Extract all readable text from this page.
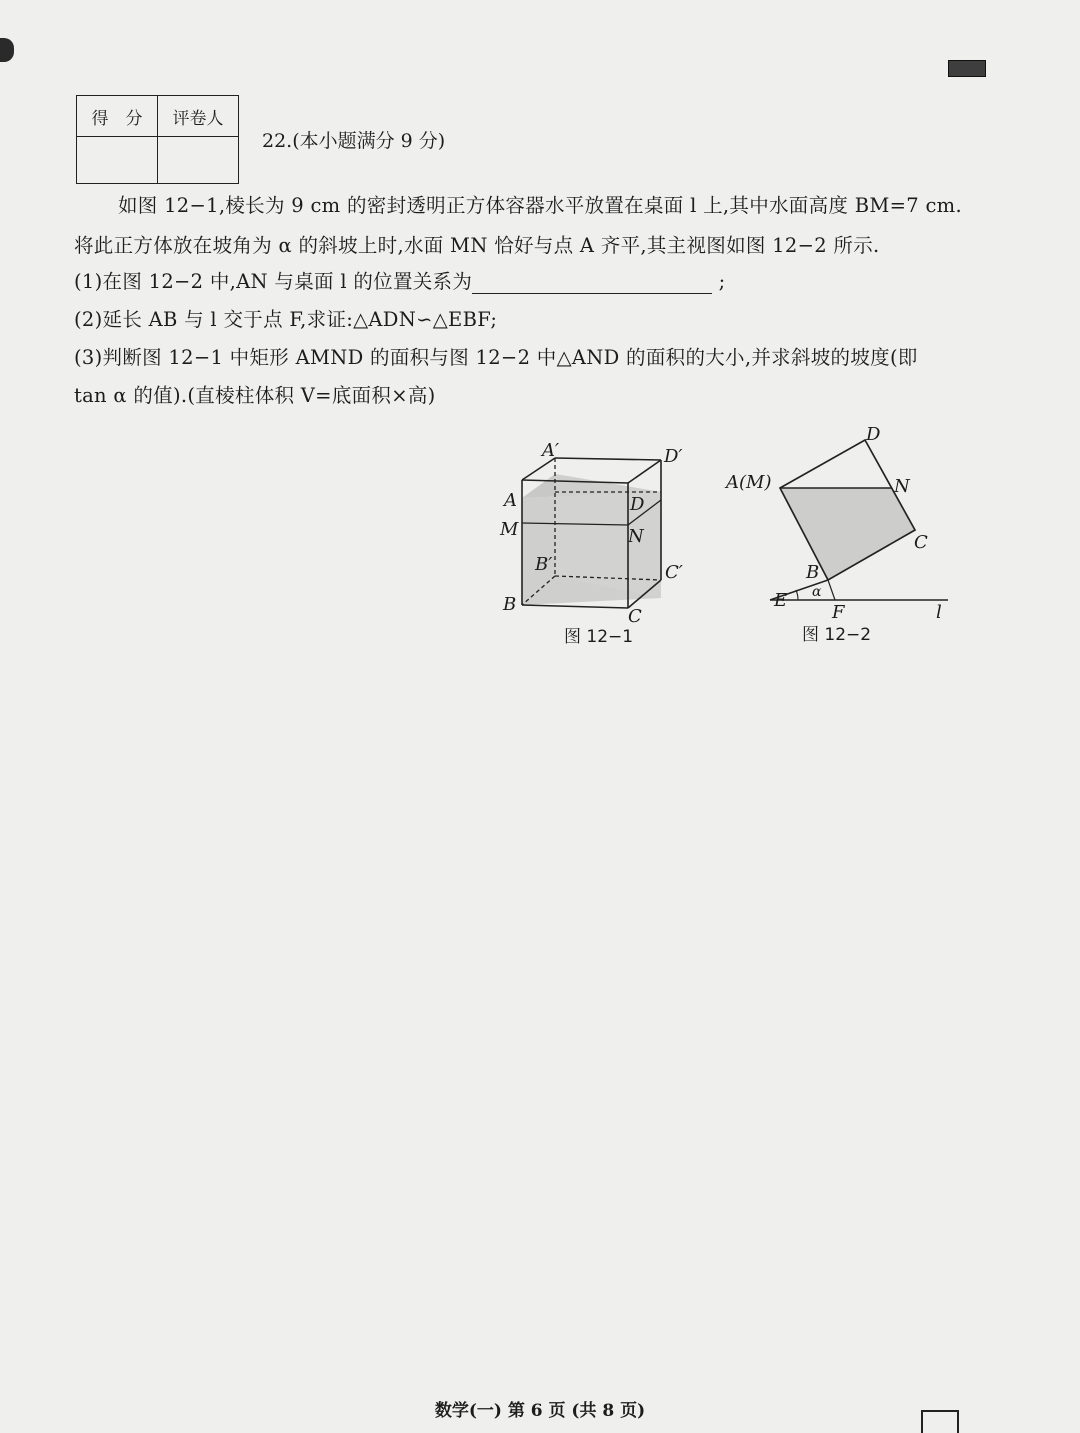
得　分	评卷人

22.(本小题满分 9 分)
如图 12−1,棱长为 9 cm 的密封透明正方体容器水平放置在桌面 l 上,其中水面高度 BM=7 cm.
将此正方体放在坡角为 α 的斜坡上时,水面 MN 恰好与点 A 齐平,其主视图如图 12−2 所示.
(1)在图 12−2 中,AN 与桌面 l 的位置关系为	;
(2)延长 AB 与 l 交于点 F,求证:△ADN∽△EBF;
(3)判断图 12−1 中矩形 AMND 的面积与图 12−2 中△AND 的面积的大小,并求斜坡的坡度(即
tan α 的值).(直棱柱体积 V=底面积×高)
A′	D′
A	D
M	N
B′	C′
B
C
图 12−1
D
A(M)	N
C
B
α
E
F	l
图 12−2
数学(一) 第 6 页 (共 8 页)
